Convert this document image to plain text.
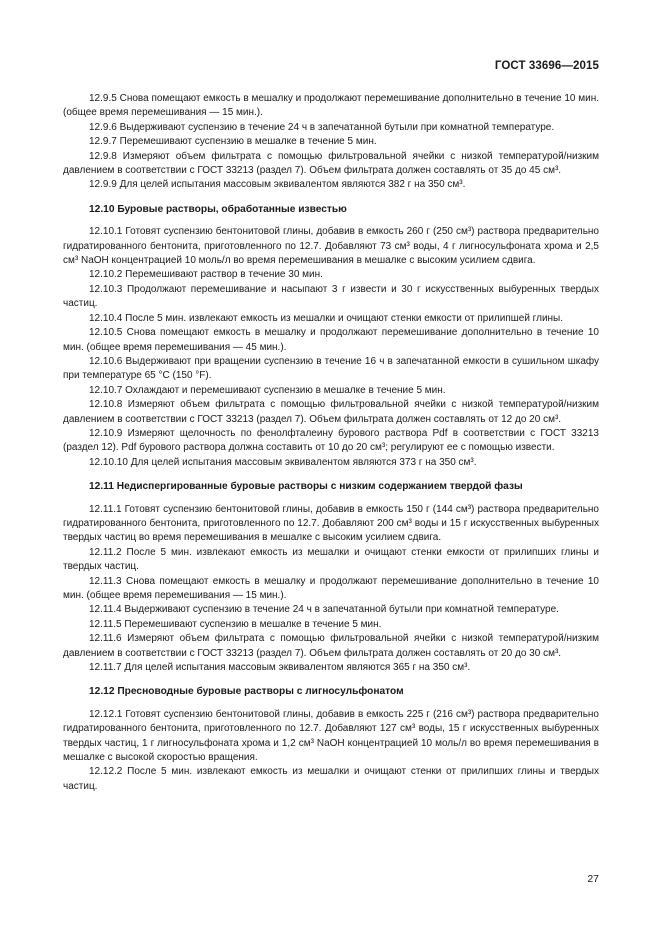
ГОСТ 33696—2015

12.9.5 Снова помещают емкость в мешалку и продолжают перемешивание дополнительно в течение 10 мин. (общее время перемешивания — 15 мин.).

12.9.6 Выдерживают суспензию в течение 24 ч в запечатанной бутыли при комнатной температуре.

12.9.7 Перемешивают суспензию в мешалке в течение 5 мин.

12.9.8 Измеряют объем фильтрата с помощью фильтровальной ячейки с низкой температурой/низким давлением в соответствии с ГОСТ 33213 (раздел 7). Объем фильтрата должен составлять от 35 до 45 см³.

12.9.9 Для целей испытания массовым эквивалентом являются 382 г на 350 см³.

12.10 Буровые растворы, обработанные известью

12.10.1 Готовят суспензию бентонитовой глины, добавив в емкость 260 г (250 см³) раствора предварительно гидратированного бентонита, приготовленного по 12.7. Добавляют 73 см³ воды, 4 г лигносульфоната хрома и 2,5 см³ NaOH концентрацией 10 моль/л во время перемешивания в мешалке с высоким усилием сдвига.

12.10.2 Перемешивают раствор в течение 30 мин.

12.10.3 Продолжают перемешивание и насыпают 3 г извести и 30 г искусственных выбуренных твердых частиц.

12.10.4 После 5 мин. извлекают емкость из мешалки и очищают стенки емкости от прилипшей глины.

12.10.5 Снова помещают емкость в мешалку и продолжают перемешивание дополнительно в течение 10 мин. (общее время перемешивания — 45 мин.).

12.10.6 Выдерживают при вращении суспензию в течение 16 ч в запечатанной емкости в сушильном шкафу при температуре 65 °С (150 °F).

12.10.7 Охлаждают и перемешивают суспензию в мешалке в течение 5 мин.

12.10.8 Измеряют объем фильтрата с помощью фильтровальной ячейки с низкой температурой/низким давлением в соответствии с ГОСТ 33213 (раздел 7). Объем фильтрата должен составлять от 12 до 20 см³.

12.10.9 Измеряют щелочность по фенолфталеину бурового раствора Pdf в соответствии с ГОСТ 33213 (раздел 12). Pdf бурового раствора должна составить от 10 до 20 см³; регулируют ее с помощью извести.

12.10.10 Для целей испытания массовым эквивалентом являются 373 г на 350 см³.

12.11 Недиспергированные буровые растворы с низким содержанием твердой фазы

12.11.1 Готовят суспензию бентонитовой глины, добавив в емкость 150 г (144 см³) раствора предварительно гидратированного бентонита, приготовленного по 12.7. Добавляют 200 см³ воды и 15 г искусственных выбуренных твердых частиц во время перемешивания в мешалке с высоким усилием сдвига.

12.11.2 После 5 мин. извлекают емкость из мешалки и очищают стенки емкости от прилипших глины и твердых частиц.

12.11.3 Снова помещают емкость в мешалку и продолжают перемешивание дополнительно в течение 10 мин. (общее время перемешивания — 15 мин.).

12.11.4 Выдерживают суспензию в течение 24 ч в запечатанной бутыли при комнатной температуре.

12.11.5 Перемешивают суспензию в мешалке в течение 5 мин.

12.11.6 Измеряют объем фильтрата с помощью фильтровальной ячейки с низкой температурой/низким давлением в соответствии с ГОСТ 33213 (раздел 7). Объем фильтрата должен составлять от 20 до 30 см³.

12.11.7 Для целей испытания массовым эквивалентом являются 365 г на 350 см³.

12.12 Пресноводные буровые растворы с лигносульфонатом

12.12.1 Готовят суспензию бентонитовой глины, добавив в емкость 225 г (216 см³) раствора предварительно гидратированного бентонита, приготовленного по 12.7. Добавляют 127 см³ воды, 15 г искусственных выбуренных твердых частиц, 1 г лигносульфоната хрома и 1,2 см³ NaOH концентрацией 10 моль/л во время перемешивания в мешалке с высокой скоростью вращения.

12.12.2 После 5 мин. извлекают емкость из мешалки и очищают стенки от прилипших глины и твердых частиц.

27
